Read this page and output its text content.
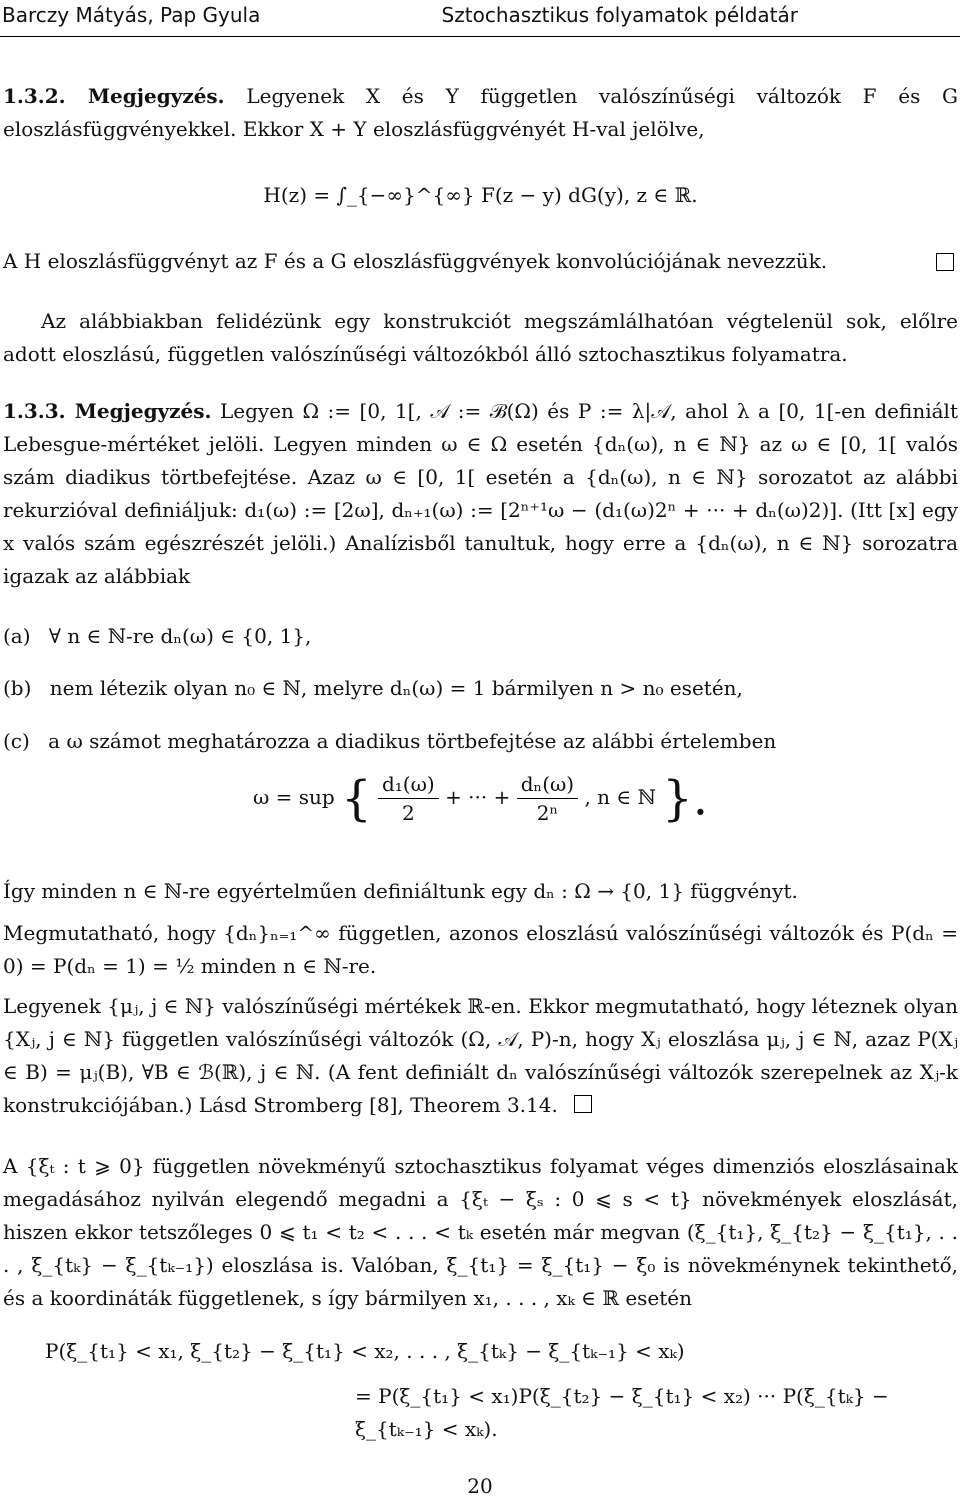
Barczy Mátyás, Pap Gyula	Sztochasztikus folyamatok példatár
1.3.2. Megjegyzés. Legyenek X és Y független valószínűségi változók F és G eloszlásfüggvényekkel. Ekkor X + Y eloszlásfüggvényét H-val jelölve,
H(z) = ∫_{−∞}^{∞} F(z − y) dG(y), z ∈ ℝ.
A H eloszlásfüggvényt az F és a G eloszlásfüggvények konvolúciójának nevezzük.
Az alábbiakban felidézünk egy konstrukciót megszámlálhatóan végtelenül sok, előlre adott eloszlású, független valószínűségi változókból álló sztochasztikus folyamatra.
1.3.3. Megjegyzés. Legyen Ω := [0, 1[, 𝒜 := ℬ(Ω) és P := λ|𝒜, ahol λ a [0, 1[-en definiált Lebesgue-mértéket jelöli. Legyen minden ω ∈ Ω esetén {dₙ(ω), n ∈ ℕ} az ω ∈ [0, 1[ valós szám diadikus törtbefejtése. Azaz ω ∈ [0, 1[ esetén a {dₙ(ω), n ∈ ℕ} sorozatot az alábbi rekurzióval definiáljuk: d₁(ω) := [2ω], dₙ₊₁(ω) := [2ⁿ⁺¹ω − (d₁(ω)2ⁿ + ··· + dₙ(ω)2)]. (Itt [x] egy x valós szám egészrészét jelöli.) Analízisből tanultuk, hogy erre a {dₙ(ω), n ∈ ℕ} sorozatra igazak az alábbiak
(a) ∀ n ∈ ℕ-re dₙ(ω) ∈ {0, 1},
(b) nem létezik olyan n₀ ∈ ℕ, melyre dₙ(ω) = 1 bármilyen n > n₀ esetén,
(c) a ω számot meghatározza a diadikus törtbefejtése az alábbi értelemben
ω = sup { $\frac{\text{d₁(ω)}}{2}$ + ··· + $\frac{\text{dₙ(ω)}}{\text{2ⁿ}}$ , n ∈ ℕ }.
Így minden n ∈ ℕ-re egyértelműen definiáltunk egy dₙ : Ω → {0, 1} függvényt.
Megmutatható, hogy {dₙ}ₙ₌₁^∞ független, azonos eloszlású valószínűségi változók és P(dₙ = 0) = P(dₙ = 1) = ½ minden n ∈ ℕ-re.
Legyenek {μⱼ, j ∈ ℕ} valószínűségi mértékek ℝ-en. Ekkor megmutatható, hogy léteznek olyan {Xⱼ, j ∈ ℕ} független valószínűségi változók (Ω, 𝒜, P)-n, hogy Xⱼ eloszlása μⱼ, j ∈ ℕ, azaz P(Xⱼ ∈ B) = μⱼ(B), ∀B ∈ ℬ(ℝ), j ∈ ℕ. (A fent definiált dₙ valószínűségi változók szerepelnek az Xⱼ-k konstrukciójában.) Lásd Stromberg [8], Theorem 3.14.
A {ξₜ : t ⩾ 0} független növekményű sztochasztikus folyamat véges dimenziós eloszlásainak megadásához nyilván elegendő megadni a {ξₜ − ξₛ : 0 ⩽ s < t} növekmények eloszlását, hiszen ekkor tetszőleges 0 ⩽ t₁ < t₂ < . . . < tₖ esetén már megvan (ξ_{t₁}, ξ_{t₂} − ξ_{t₁}, . . . , ξ_{tₖ} − ξ_{tₖ₋₁}) eloszlása is. Valóban, ξ_{t₁} = ξ_{t₁} − ξ₀ is növekménynek tekinthető, és a koordináták függetlenek, s így bármilyen x₁, . . . , xₖ ∈ ℝ esetén
P(ξ_{t₁} < x₁, ξ_{t₂} − ξ_{t₁} < x₂, . . . , ξ_{tₖ} − ξ_{tₖ₋₁} < xₖ)
= P(ξ_{t₁} < x₁)P(ξ_{t₂} − ξ_{t₁} < x₂) ··· P(ξ_{tₖ} − ξ_{tₖ₋₁} < xₖ).
20
